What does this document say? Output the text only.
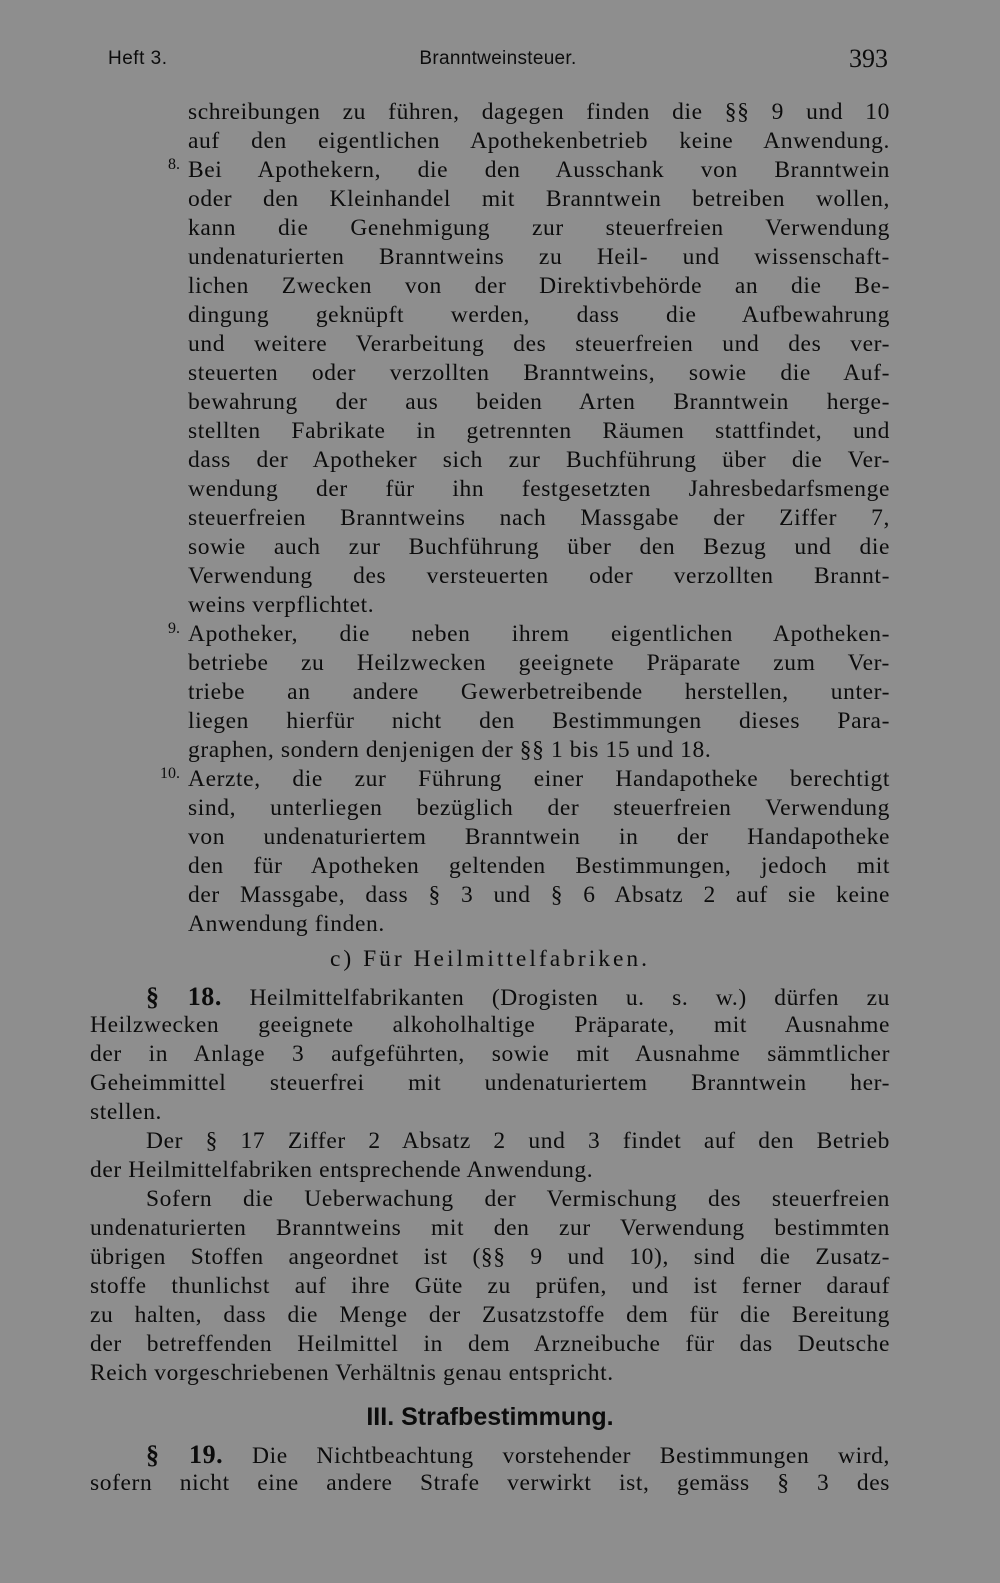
Heft 3.	Branntweinsteuer.	393
schreibungen zu führen, dagegen finden die §§ 9 und 10
auf den eigentlichen Apothekenbetrieb keine Anwendung.
8. Bei Apothekern, die den Ausschank von Branntwein
oder den Kleinhandel mit Branntwein betreiben wollen,
kann die Genehmigung zur steuerfreien Verwendung
undenaturierten Branntweins zu Heil- und wissenschaft-
lichen Zwecken von der Direktivbehörde an die Be-
dingung geknüpft werden, dass die Aufbewahrung
und weitere Verarbeitung des steuerfreien und des ver-
steuerten oder verzollten Branntweins, sowie die Auf-
bewahrung der aus beiden Arten Branntwein herge-
stellten Fabrikate in getrennten Räumen stattfindet, und
dass der Apotheker sich zur Buchführung über die Ver-
wendung der für ihn festgesetzten Jahresbedarfsmenge
steuerfreien Branntweins nach Massgabe der Ziffer 7,
sowie auch zur Buchführung über den Bezug und die
Verwendung des versteuerten oder verzollten Brannt-
weins verpflichtet.
9. Apotheker, die neben ihrem eigentlichen Apotheken-
betriebe zu Heilzwecken geeignete Präparate zum Ver-
triebe an andere Gewerbetreibende herstellen, unter-
liegen hierfür nicht den Bestimmungen dieses Para-
graphen, sondern denjenigen der §§ 1 bis 15 und 18.
10. Aerzte, die zur Führung einer Handapotheke berechtigt
sind, unterliegen bezüglich der steuerfreien Verwendung
von undenaturiertem Branntwein in der Handapotheke
den für Apotheken geltenden Bestimmungen, jedoch mit
der Massgabe, dass § 3 und § 6 Absatz 2 auf sie keine
Anwendung finden.
c) Für Heilmittelfabriken.
§ 18. Heilmittelfabrikanten (Drogisten u. s. w.) dürfen zu
Heilzwecken geeignete alkoholhaltige Präparate, mit Ausnahme
der in Anlage 3 aufgeführten, sowie mit Ausnahme sämmtlicher
Geheimmittel steuerfrei mit undenaturiertem Branntwein her-
stellen.
Der § 17 Ziffer 2 Absatz 2 und 3 findet auf den Betrieb
der Heilmittelfabriken entsprechende Anwendung.
Sofern die Ueberwachung der Vermischung des steuerfreien
undenaturierten Branntweins mit den zur Verwendung bestimmten
übrigen Stoffen angeordnet ist (§§ 9 und 10), sind die Zusatz-
stoffe thunlichst auf ihre Güte zu prüfen, und ist ferner darauf
zu halten, dass die Menge der Zusatzstoffe dem für die Bereitung
der betreffenden Heilmittel in dem Arzneibuche für das Deutsche
Reich vorgeschriebenen Verhältnis genau entspricht.
III. Strafbestimmung.
§ 19. Die Nichtbeachtung vorstehender Bestimmungen wird,
sofern nicht eine andere Strafe verwirkt ist, gemäss § 3 des
